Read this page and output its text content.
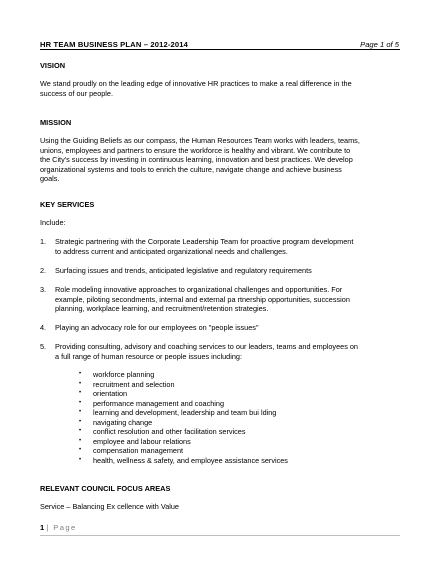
HR TEAM BUSINESS PLAN – 2012-2014	Page 1 of 5
VISION
We stand proudly on the leading edge of innovative HR practices to make a real difference in the
success of our people.
MISSION
Using the Guiding Beliefs as our compass, the Human Resources Team works with leaders, teams,
unions, employees and partners to ensure the workforce is healthy and vibrant. We contribute to
the City's success by investing in continuous learning, innovation and best practices. We develop
organizational systems and tools to enrich the culture, navigate change and achieve business
goals.
KEY SERVICES
Include:
1. Strategic partnering with the Corporate Leadership Team for proactive program development
to address current and anticipated organizational needs and challenges.
2. Surfacing issues and trends, anticipated legislative and regulatory requirements
3. Role modeling innovative approaches to organizational challenges and opportunities. For
example, piloting secondments, internal and external pa rtnership opportunities, succession
planning, workplace learning, and recruitment/retention strategies.
4. Playing an advocacy role for our employees on "people issues"
5. Providing consulting, advisory and coaching services to our leaders, teams and employees on
a full range of human resource or people issues including:
• workforce planning
• recruitment and selection
• orientation
• performance management and coaching
• learning and development, leadership and team bui lding
• navigating change
• conflict resolution and other facilitation services
• employee and labour relations
• compensation management
• health, wellness & safety, and employee assistance services
RELEVANT COUNCIL FOCUS AREAS
Service – Balancing Ex cellence with Value
1 | Page
